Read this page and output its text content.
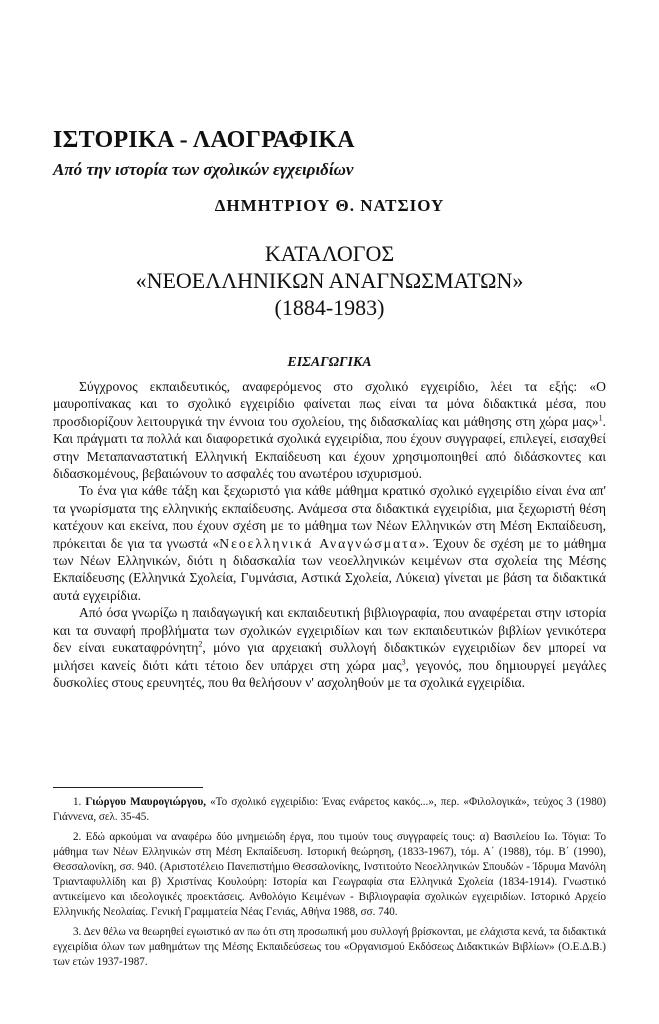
ΙΣΤΟΡΙΚΑ - ΛΑΟΓΡΑΦΙΚΑ
Από την ιστορία των σχολικών εγχειριδίων
ΔΗΜΗΤΡΙΟΥ Θ. ΝΑΤΣΙΟΥ
ΚΑΤΑΛΟΓΟΣ
«ΝΕΟΕΛΛΗΝΙΚΩΝ ΑΝΑΓΝΩΣΜΑΤΩΝ»
(1884-1983)
ΕΙΣΑΓΩΓΙΚΑ

Σύγχρονος εκπαιδευτικός, αναφερόμενος στο σχολικό εγχειρίδιο, λέει τα εξής: «Ο μαυροπίνακας και το σχολικό εγχειρίδιο φαίνεται πως είναι τα μόνα διδακτικά μέσα, που προσδιορίζουν λειτουργικά την έννοια του σχολείου, της διδασκαλίας και μάθησης στη χώρα μας»$^1$. Και πράγματι τα πολλά και διαφορετικά σχολικά εγχειρίδια, που έχουν συγγραφεί, επιλεγεί, εισαχθεί στην Μεταπαναστατική Ελληνική Εκπαίδευση και έχουν χρησιμοποιηθεί από διδάσκοντες και διδασκομένους, βεβαιώνουν το ασφαλές του ανωτέρου ισχυρισμού.

Το ένα για κάθε τάξη και ξεχωριστό για κάθε μάθημα κρατικό σχολικό εγχειρίδιο είναι ένα απ' τα γνωρίσματα της ελληνικής εκπαίδευσης. Ανάμεσα στα διδακτικά εγχειρίδια, μια ξεχωριστή θέση κατέχουν και εκείνα, που έχουν σχέση με το μάθημα των Νέων Ελληνικών στη Μέση Εκπαίδευση, πρόκειται δε για τα γνωστά «Νεοελληνικά Αναγνώσματα». Έχουν δε σχέση με το μάθημα των Νέων Ελληνικών, διότι η διδασκαλία των νεοελληνικών κειμένων στα σχολεία της Μέσης Εκπαίδευσης (Ελληνικά Σχολεία, Γυμνάσια, Αστικά Σχολεία, Λύκεια) γίνεται με βάση τα διδακτικά αυτά εγχειρίδια.

Από όσα γνωρίζω η παιδαγωγική και εκπαιδευτική βιβλιογραφία, που αναφέρεται στην ιστορία και τα συναφή προβλήματα των σχολικών εγχειριδίων και των εκπαιδευτικών βιβλίων γενικότερα δεν είναι ευκαταφρόνητη$^2$, μόνο για αρχειακή συλλογή διδακτικών εγχειριδίων δεν μπορεί να μιλήσει κανείς διότι κάτι τέτοιο δεν υπάρχει στη χώρα μας$^3$, γεγονός, που δημιουργεί μεγάλες δυσκολίες στους ερευνητές, που θα θελήσουν ν' ασχοληθούν με τα σχολικά εγχειρίδια.

1. Γιώργου Μαυρογιώργου, «Το σχολικό εγχειρίδιο: Ένας ενάρετος κακός...», περ. «Φιλολογικά», τεύχος 3 (1980) Γιάννενα, σελ. 35-45.

2. Εδώ αρκούμαι να αναφέρω δύο μνημειώδη έργα, που τιμούν τους συγγραφείς τους: α) Βασιλείου Ιω. Τόγια: Το μάθημα των Νέων Ελληνικών στη Μέση Εκπαίδευση. Ιστορική θεώρηση, (1833-1967), τόμ. Α΄ (1988), τόμ. Β΄ (1990), Θεσσαλονίκη, σσ. 940. (Αριστοτέλειο Πανεπιστήμιο Θεσσαλονίκης, Ινστιτούτο Νεοελληνικών Σπουδών - Ίδρυμα Μανόλη Τριανταφυλλίδη και β) Χριστίνας Κουλούρη: Ιστορία και Γεωγραφία στα Ελληνικά Σχολεία (1834-1914). Γνωστικό αντικείμενο και ιδεολογικές προεκτάσεις. Ανθολόγιο Κειμένων - Βιβλιογραφία σχολικών εγχειριδίων. Ιστορικό Αρχείο Ελληνικής Νεολαίας. Γενική Γραμματεία Νέας Γενιάς, Αθήνα 1988, σσ. 740.

3. Δεν θέλω να θεωρηθεί εγωιστικό αν πω ότι στη προσωπική μου συλλογή βρίσκονται, με ελάχιστα κενά, τα διδακτικά εγχειρίδια όλων των μαθημάτων της Μέσης Εκπαιδεύσεως του «Οργανισμού Εκδόσεως Διδακτικών Βιβλίων» (Ο.Ε.Δ.Β.) των ετών 1937-1987.
